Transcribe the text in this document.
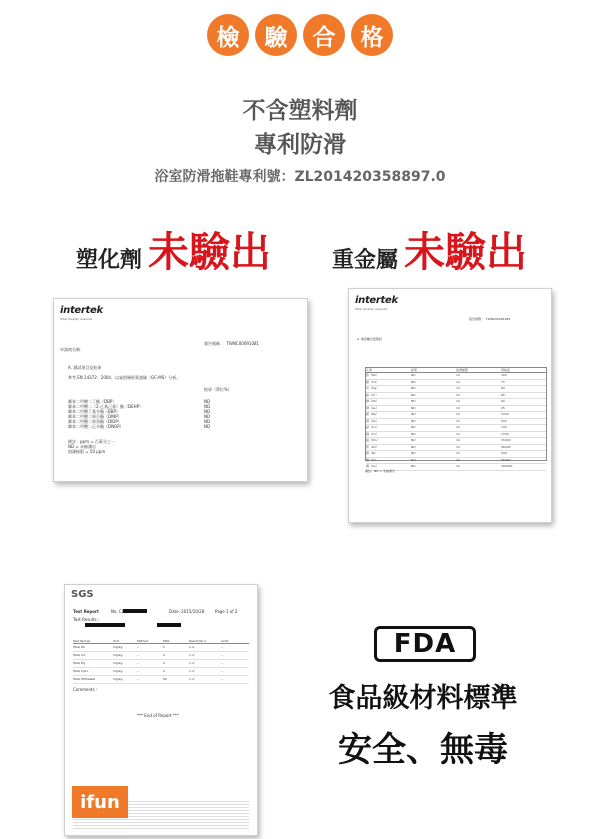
檢	驗	合	格
不含塑料劑
專利防滑
浴室防滑拖鞋專利號：ZL201420358897.0
塑化劑 未驗出	重金屬 未驗出
intertek
Total Quality. Assured.
報告號碼 ： TWNC00091081
申請商名稱：
A. 測試項目及結果
參考 EN 14372：2004，以氣相層析質譜儀（GC-MS）分析。
結果（單位%）
鄰苯二甲酸二丁酯（DBP）	ND
鄰苯二甲酸二（2-乙基己基）酯（DEHP）	ND
鄰苯二甲酸丁基苄酯（BBP）	ND
鄰苯二甲酸二異壬酯（DINP）	ND
鄰苯二甲酸二異癸酯（DIDP）	ND
鄰苯二甲酸二正辛酯（DNOP）	ND
備註：ppm = 百萬分之一
ND = 未檢測出
偵測極限 = 50 ppm
intertek
Total Quality. Assured.
報告號碼 ： TWNC00091081
A. 重金屬含量測試
元素	結果	偵測極限	規格值
鉛（Pb）	ND	10	300
鎘（Cd）	ND	10	75
汞（Hg）	ND	10	60
鉻（Cr）	ND	10	60
銻（Sb）	ND	10	60
砷（As）	ND	10	25
鋇（Ba）	ND	10	1000
硒（Se）	ND	10	500
鈷（Co）	ND	10	130
銅（Cu）	ND	10	7700
錳（Mn）	ND	10	15000
鋅（Zn）	ND	10	46000
鎳（Ni）	ND	10	930
鍶（Sr）	ND	10	56000
錫（Sn）	ND	10	180000
備註：ND = 未檢測出
SGS
Test Report	No. CJ	Date: 2015/10/28	Page 1 of 2
Test Results :
Test Item(s)	Unit	Method	MDL	Result No.1	Limit
Total Pb	mg/kg	--	5	n.d.	--
Total Cd	mg/kg	--	2	n.d.	--
Total Hg	mg/kg	--	2	n.d.	--
Total Cr6+	mg/kg	--	2	n.d.	--
Total Phthalate	mg/kg	--	50	n.d.	--
Comments :
*** End of Report ***
ifun
FDA
食品級材料標準
安全、無毒
